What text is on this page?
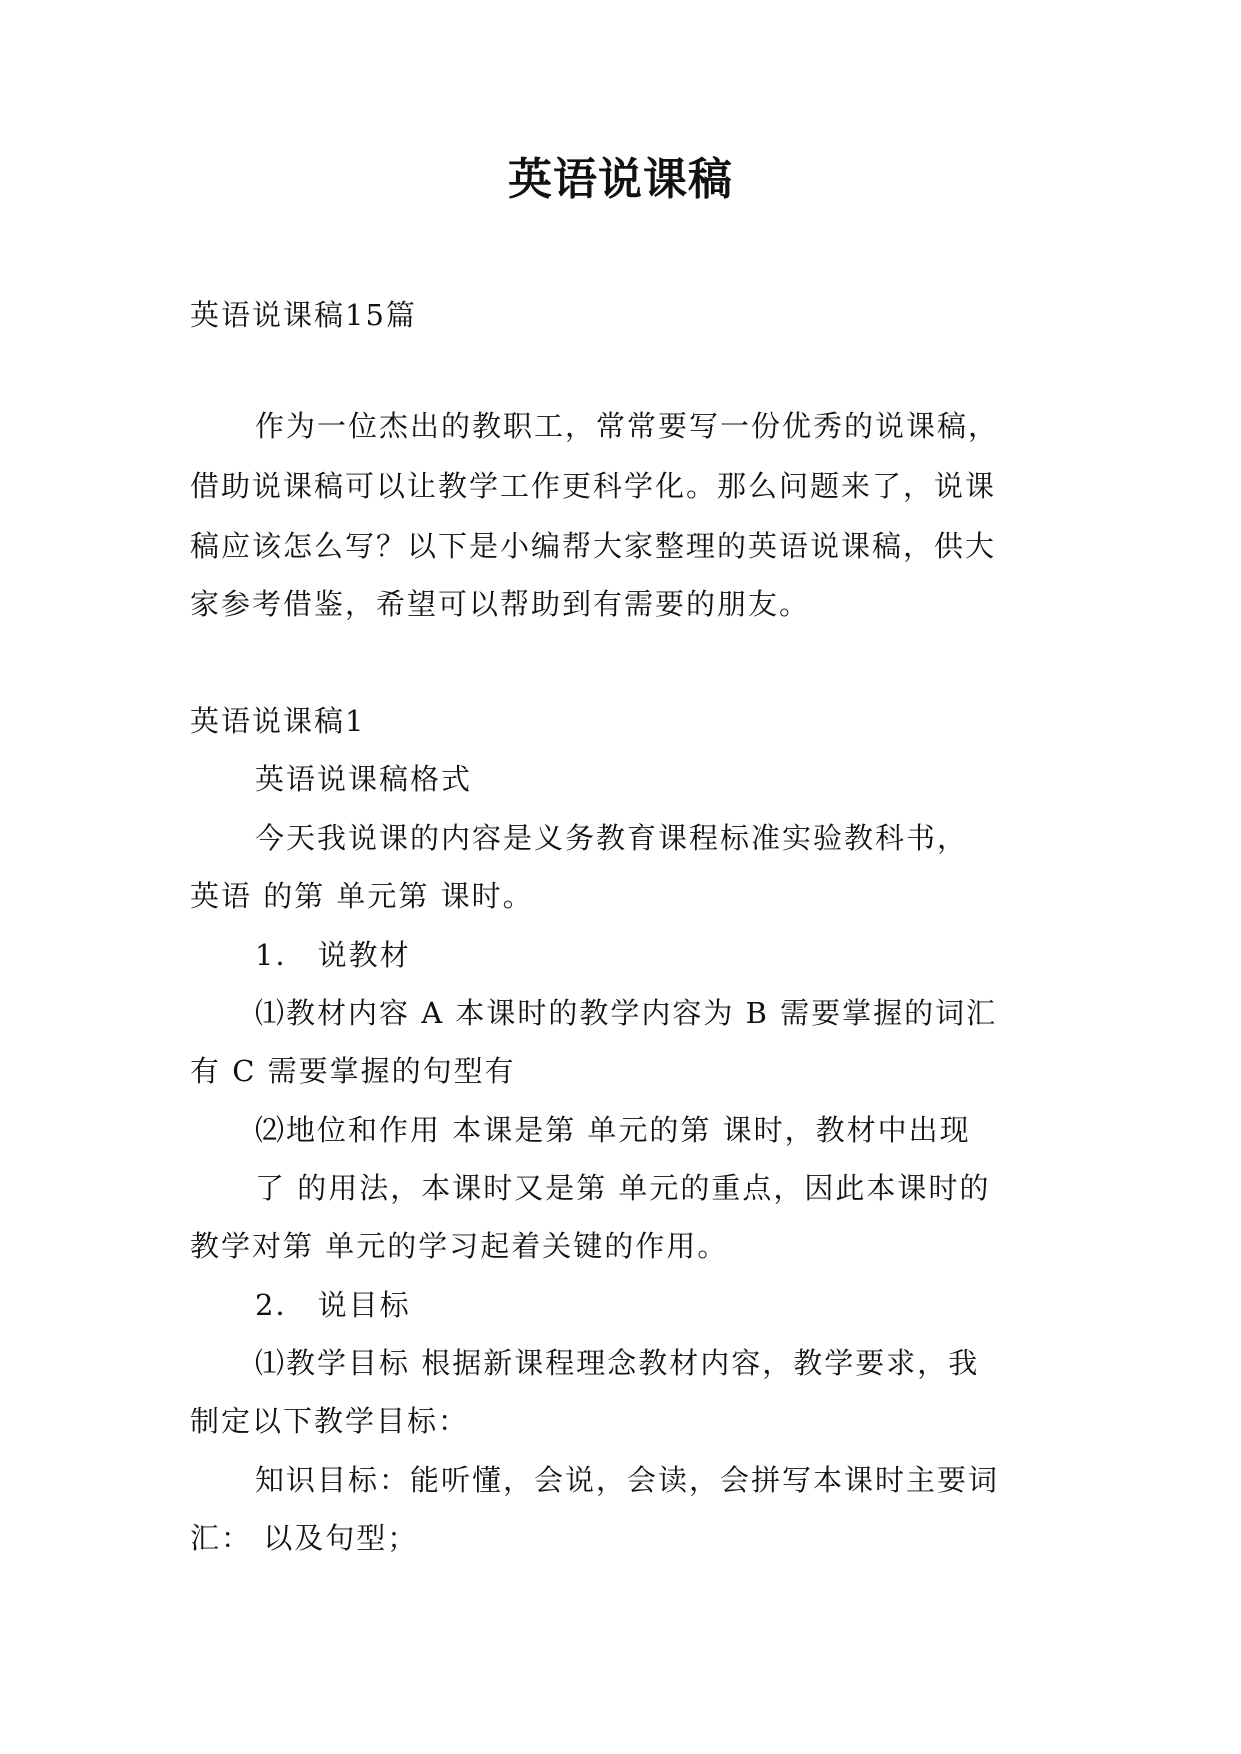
英语说课稿
英语说课稿15篇
作为一位杰出的教职工，常常要写一份优秀的说课稿，
借助说课稿可以让教学工作更科学化。那么问题来了，说课
稿应该怎么写？以下是小编帮大家整理的英语说课稿，供大
家参考借鉴，希望可以帮助到有需要的朋友。
英语说课稿1
英语说课稿格式
今天我说课的内容是义务教育课程标准实验教科书，
英语 的第 单元第 课时。
1． 说教材
⑴教材内容 A 本课时的教学内容为 B 需要掌握的词汇
有 C 需要掌握的句型有
⑵地位和作用 本课是第 单元的第 课时，教材中出现
了 的用法，本课时又是第 单元的重点，因此本课时的
教学对第 单元的学习起着关键的作用。
2． 说目标
⑴教学目标 根据新课程理念教材内容，教学要求，我
制定以下教学目标：
知识目标：能听懂，会说，会读，会拼写本课时主要词
汇： 以及句型；
